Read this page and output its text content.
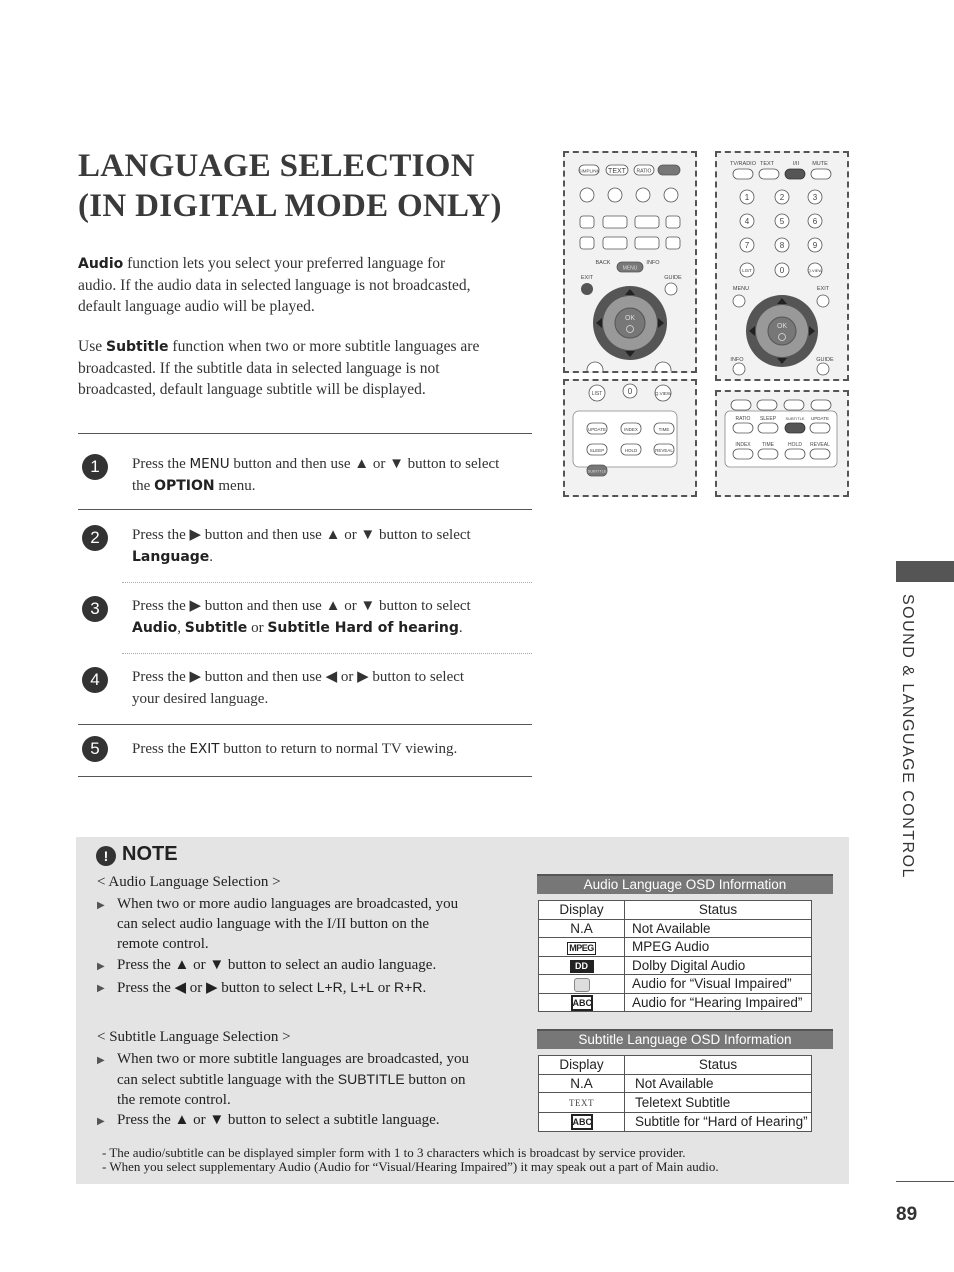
LANGUAGE SELECTION
(IN DIGITAL MODE ONLY)
Audio function lets you select your preferred language for
audio. If the audio data in selected language is not broadcasted,
default language audio will be played.
Use Subtitle function when two or more subtitle languages are
broadcasted. If the subtitle data in selected language is not
broadcasted, default language subtitle will be displayed.
1	Press the MENU button and then use ▲ or ▼ button to select
the OPTION menu.
2	Press the ▶ button and then use ▲ or ▼ button to select
Language.
3	Press the ▶ button and then use ▲ or ▼ button to select
Audio, Subtitle or Subtitle Hard of hearing.
4	Press the ▶ button and then use ◀ or ▶ button to select
your desired language.
5	Press the EXIT button to return to normal TV viewing.
SIMPLINK TEXT RATIO
BACK
MENU
INFO
EXIT	GUIDE
OK
LIST	0	Q.VIEW
UPDATE	INDEX	TIME
SLEEP	HOLD	REVEAL
SUBTITLE
TV/RADIO TEXT	I/II MUTE
1	2	3
4	5	6
7	8	9
LIST	0	Q.VIEW
MENU	EXIT
OK
INFO	GUIDE
RATIO SLEEP SUBTITLE UPDATE
INDEX TIME	HOLD REVEAL
SOUND & LANGUAGE CONTROL
89
! NOTE
< Audio Language Selection >
▶ When two or more audio languages are broadcasted, you
can select audio language with the I/II button on the
remote control.
▶ Press the ▲ or ▼ button to select an audio language.
▶ Press the ◀ or ▶ button to select L+R, L+L or R+R.
< Subtitle Language Selection >
▶ When two or more subtitle languages are broadcasted, you
can select subtitle language with the SUBTITLE button on
the remote control.
▶ Press the ▲ or ▼ button to select a subtitle language.
- The audio/subtitle can be displayed simpler form with 1 to 3 characters which is broadcast by service provider.
- When you select supplementary Audio (Audio for “Visual/Hearing Impaired”) it may speak out a part of Main audio.
Audio Language OSD Information
Display	Status
N.A	Not Available
MPEG	MPEG Audio
DD	Dolby Digital Audio
	Audio for “Visual Impaired”
ABC	Audio for “Hearing Impaired”
Subtitle Language OSD Information
Display	Status
N.A	Not Available
TEXT	Teletext Subtitle
ABC	Subtitle for “Hard of Hearing”
